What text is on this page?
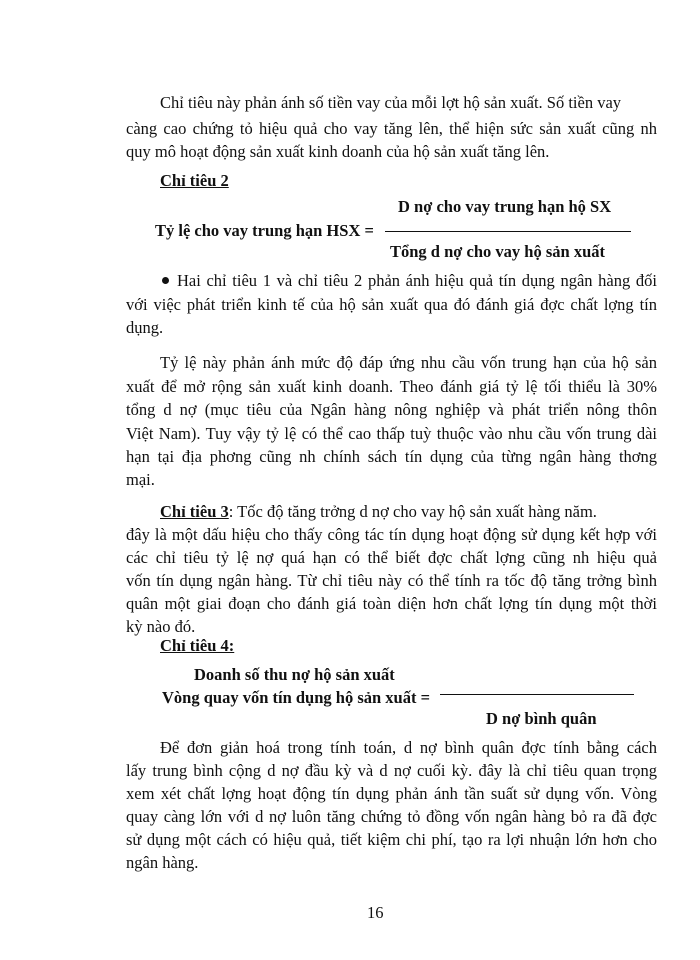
Chỉ tiêu này phản ánh số tiền vay của mỗi lợt hộ sản xuất. Số tiền vay
càng cao chứng tỏ hiệu quả cho vay tăng lên, thể hiện sức sản xuất cũng nh
quy mô hoạt động sản xuất kinh doanh của hộ sản xuất tăng lên.
Chỉ tiêu 2
D nợ cho vay trung hạn hộ SX
Tỷ lệ cho vay trung hạn HSX =
Tổng d nợ cho vay hộ sản xuất
Hai chỉ tiêu 1 và chỉ tiêu 2 phản ánh hiệu quả tín dụng ngân hàng đối
với việc phát triển kinh tế của hộ sản xuất qua đó đánh giá đợc chất lợng tín
dụng.
Tỷ lệ này phản ánh mức độ đáp ứng nhu cầu vốn trung hạn của hộ sản
xuất để mở rộng sản xuất kinh doanh. Theo đánh giá tỷ lệ tối thiểu là 30%
tổng d nợ (mục tiêu của Ngân hàng nông nghiệp và phát triển nông thôn
Việt Nam). Tuy vậy tỷ lệ có thể cao thấp tuỳ thuộc vào nhu cầu vốn trung dài
hạn tại địa phơng cũng nh chính sách tín dụng của từng ngân hàng thơng
mại.
Chỉ tiêu 3: Tốc độ tăng trởng d nợ cho vay hộ sản xuất hàng năm.
đây là một dấu hiệu cho thấy công tác tín dụng hoạt động sử dụng kết hợp với
các chỉ tiêu tỷ lệ nợ quá hạn có thể biết đợc chất lợng cũng nh hiệu quả
vốn tín dụng ngân hàng. Từ chỉ tiêu này có thể tính ra tốc độ tăng trởng bình
quân một giai đoạn cho đánh giá toàn diện hơn chất lợng tín dụng một thời
kỳ nào đó.
Chỉ tiêu 4:
Doanh số thu nợ hộ sản xuất
Vòng quay vốn tín dụng hộ sản xuất =
D nợ bình quân
Để đơn giản hoá trong tính toán, d nợ bình quân đợc tính bằng cách
lấy trung bình cộng d nợ đầu kỳ và d nợ cuối kỳ. đây là chỉ tiêu quan trọng
xem xét chất lợng hoạt động tín dụng phản ánh tần suất sử dụng vốn. Vòng
quay càng lớn với d nợ luôn tăng chứng tỏ đồng vốn ngân hàng bỏ ra đã đợc
sử dụng một cách có hiệu quả, tiết kiệm chi phí, tạo ra lợi nhuận lớn hơn cho
ngân hàng.
16
